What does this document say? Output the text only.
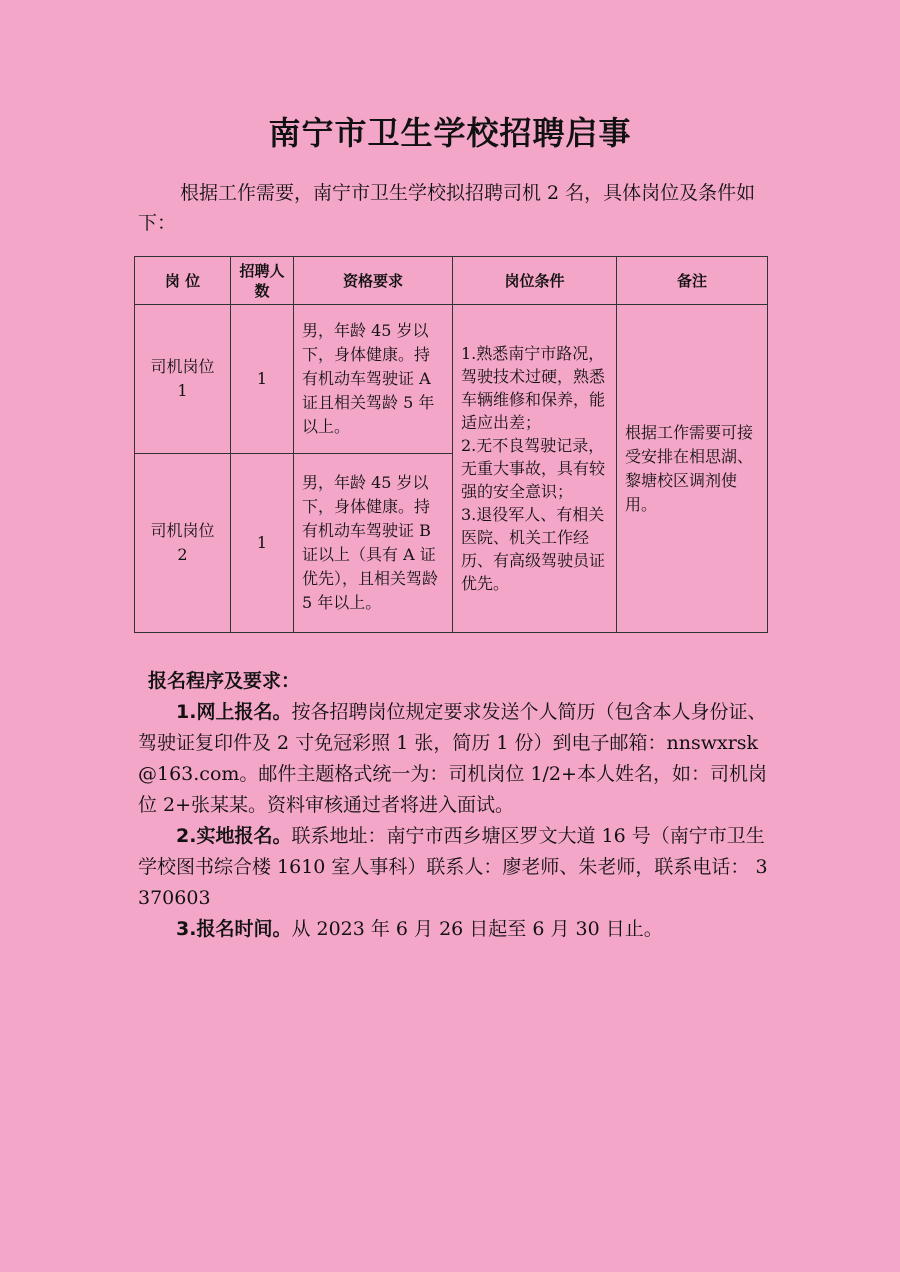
南宁市卫生学校招聘启事
根据工作需要，南宁市卫生学校拟招聘司机 2 名，具体岗位及条件如下：
岗 位	招聘人数	资格要求	岗位条件	备注
司机岗位 1	1	男，年龄 45 岁以下，身体健康。持有机动车驾驶证 A 证且相关驾龄 5 年以上。	1.熟悉南宁市路况，驾驶技术过硬，熟悉车辆维修和保养，能适应出差；
2.无不良驾驶记录，无重大事故，具有较强的安全意识；
3.退役军人、有相关医院、机关工作经历、有高级驾驶员证优先。	根据工作需要可接受安排在相思湖、黎塘校区调剂使用。
司机岗位 2	1	男，年龄 45 岁以下，身体健康。持有机动车驾驶证 B 证以上（具有 A 证优先），且相关驾龄 5 年以上。		
报名程序及要求：

1.网上报名。按各招聘岗位规定要求发送个人简历（包含本人身份证、驾驶证复印件及 2 寸免冠彩照 1 张，简历 1 份）到电子邮箱：nnswxrsk@163.com。邮件主题格式统一为：司机岗位 1/2+本人姓名，如：司机岗位 2+张某某。资料审核通过者将进入面试。

2.实地报名。联系地址：南宁市西乡塘区罗文大道 16 号（南宁市卫生学校图书综合楼 1610 室人事科）联系人：廖老师、朱老师，联系电话： 3370603

3.报名时间。从 2023 年 6 月 26 日起至 6 月 30 日止。
